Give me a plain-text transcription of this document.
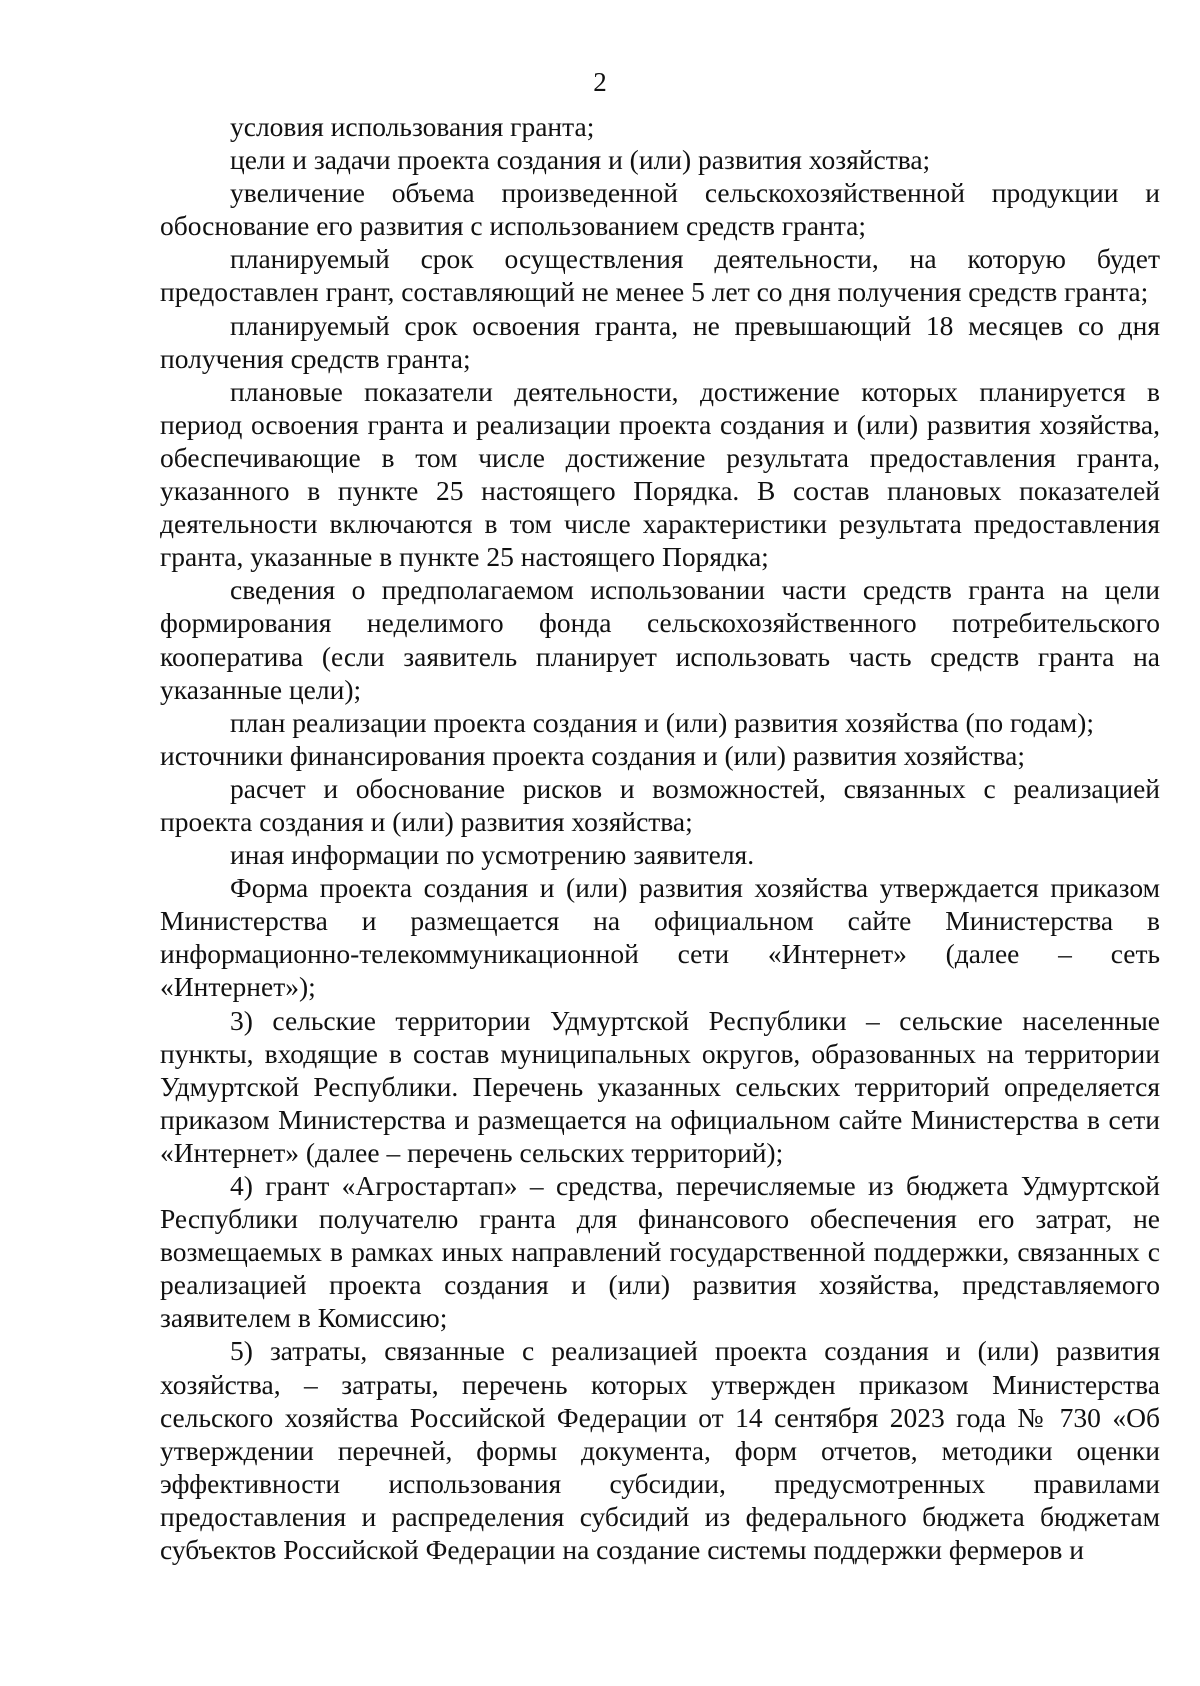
2

условия использования гранта;

цели и задачи проекта создания и (или) развития хозяйства;

увеличение объема произведенной сельскохозяйственной продукции и обоснование его развития с использованием средств гранта;

планируемый срок осуществления деятельности, на которую будет предоставлен грант, составляющий не менее 5 лет со дня получения средств гранта;

планируемый срок освоения гранта, не превышающий 18 месяцев со дня получения средств гранта;

плановые показатели деятельности, достижение которых планируется в период освоения гранта и реализации проекта создания и (или) развития хозяйства, обеспечивающие в том числе достижение результата предоставления гранта, указанного в пункте 25 настоящего Порядка. В состав плановых показателей деятельности включаются в том числе характеристики результата предоставления гранта, указанные в пункте 25 настоящего Порядка;

сведения о предполагаемом использовании части средств гранта на цели формирования неделимого фонда сельскохозяйственного потребительского кооператива (если заявитель планирует использовать часть средств гранта на указанные цели);

план реализации проекта создания и (или) развития хозяйства (по годам);

источники финансирования проекта создания и (или) развития хозяйства;

расчет и обоснование рисков и возможностей, связанных с реализацией проекта создания и (или) развития хозяйства;

иная информации по усмотрению заявителя.

Форма проекта создания и (или) развития хозяйства утверждается приказом Министерства и размещается на официальном сайте Министерства в информационно-телекоммуникационной сети «Интернет» (далее – сеть «Интернет»);

3) сельские территории Удмуртской Республики – сельские населенные пункты, входящие в состав муниципальных округов, образованных на территории Удмуртской Республики. Перечень указанных сельских территорий определяется приказом Министерства и размещается на официальном сайте Министерства в сети «Интернет» (далее – перечень сельских территорий);

4) грант «Агростартап» – средства, перечисляемые из бюджета Удмуртской Республики получателю гранта для финансового обеспечения его затрат, не возмещаемых в рамках иных направлений государственной поддержки, связанных с реализацией проекта создания и (или) развития хозяйства, представляемого заявителем в Комиссию;

5) затраты, связанные с реализацией проекта создания и (или) развития хозяйства, – затраты, перечень которых утвержден приказом Министерства сельского хозяйства Российской Федерации от 14 сентября 2023 года № 730 «Об утверждении перечней, формы документа, форм отчетов, методики оценки эффективности использования субсидии, предусмотренных правилами предоставления и распределения субсидий из федерального бюджета бюджетам субъектов Российской Федерации на создание системы поддержки фермеров и
